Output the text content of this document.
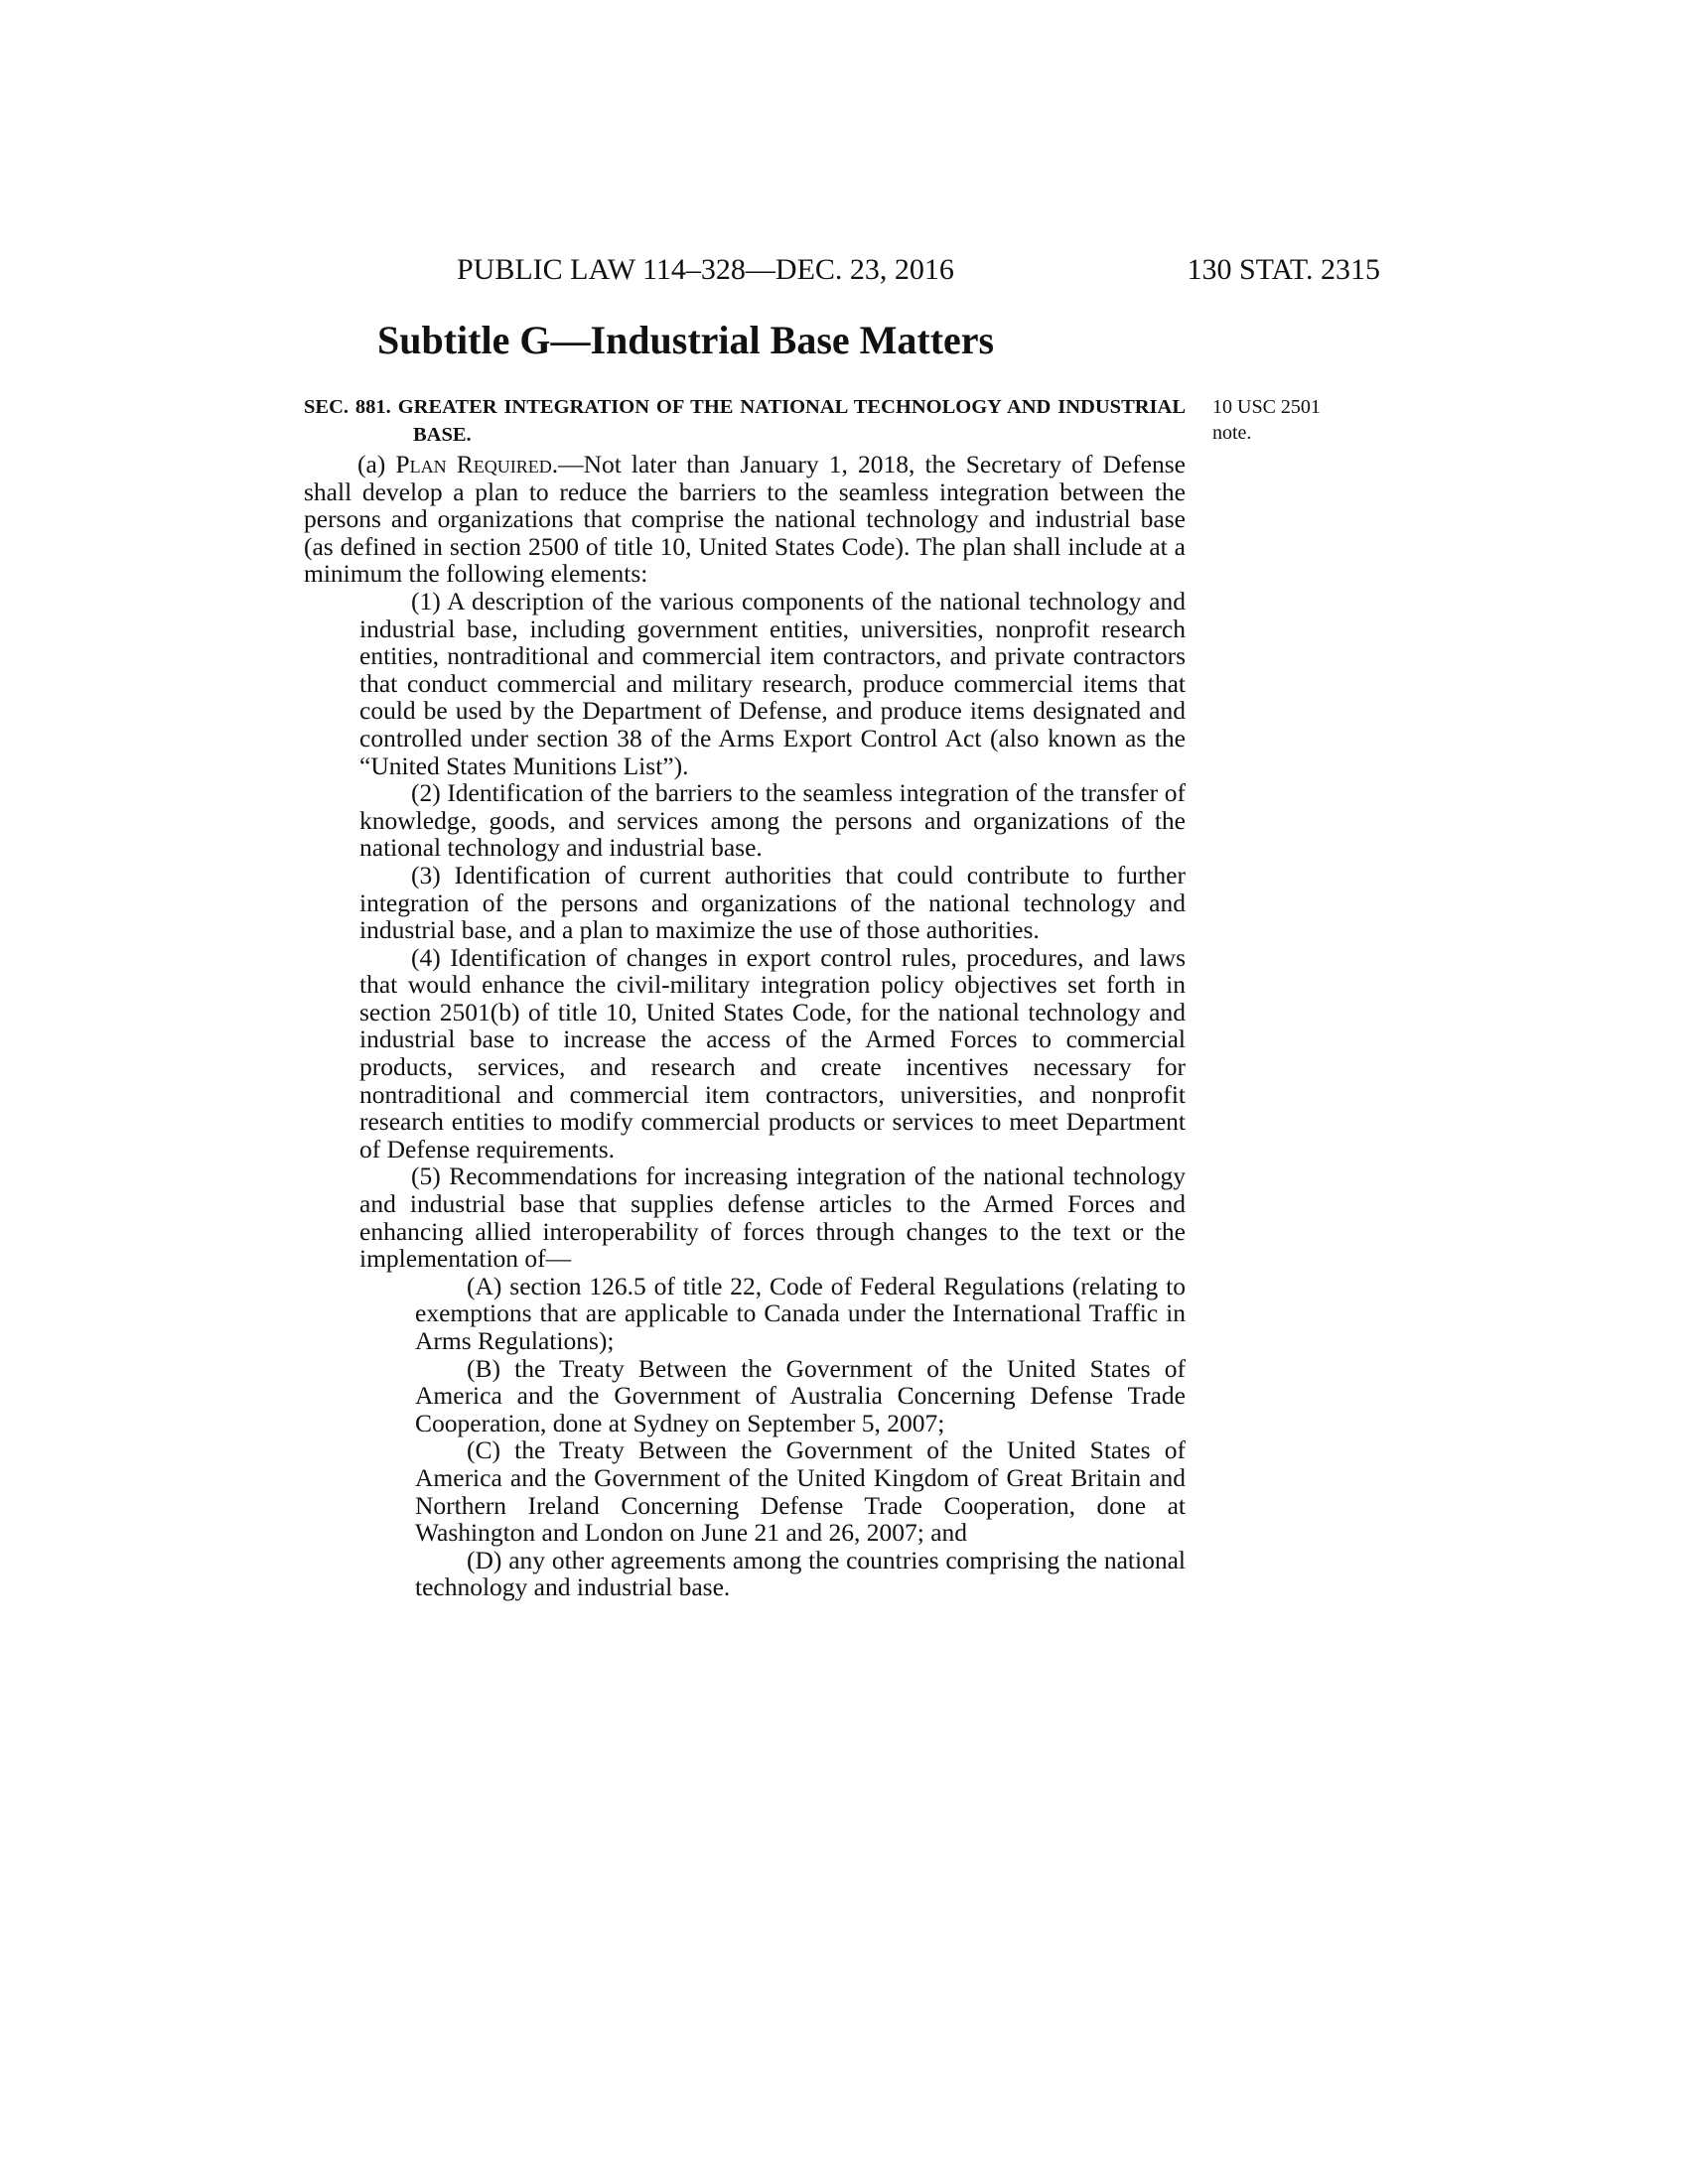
PUBLIC LAW 114–328—DEC. 23, 2016	130 STAT. 2315
Subtitle G—Industrial Base Matters
10 USC 2501
note.

SEC. 881. GREATER INTEGRATION OF THE NATIONAL TECHNOLOGY AND INDUSTRIAL BASE.

(a) Plan Required.—Not later than January 1, 2018, the Secretary of Defense shall develop a plan to reduce the barriers to the seamless integration between the persons and organizations that comprise the national technology and industrial base (as defined in section 2500 of title 10, United States Code). The plan shall include at a minimum the following elements:

(1) A description of the various components of the national technology and industrial base, including government entities, universities, nonprofit research entities, nontraditional and commercial item contractors, and private contractors that conduct commercial and military research, produce commercial items that could be used by the Department of Defense, and produce items designated and controlled under section 38 of the Arms Export Control Act (also known as the “United States Munitions List”).

(2) Identification of the barriers to the seamless integration of the transfer of knowledge, goods, and services among the persons and organizations of the national technology and industrial base.

(3) Identification of current authorities that could contribute to further integration of the persons and organizations of the national technology and industrial base, and a plan to maximize the use of those authorities.

(4) Identification of changes in export control rules, procedures, and laws that would enhance the civil-military integration policy objectives set forth in section 2501(b) of title 10, United States Code, for the national technology and industrial base to increase the access of the Armed Forces to commercial products, services, and research and create incentives necessary for nontraditional and commercial item contractors, universities, and nonprofit research entities to modify commercial products or services to meet Department of Defense requirements.

(5) Recommendations for increasing integration of the national technology and industrial base that supplies defense articles to the Armed Forces and enhancing allied interoperability of forces through changes to the text or the implementation of—

(A) section 126.5 of title 22, Code of Federal Regulations (relating to exemptions that are applicable to Canada under the International Traffic in Arms Regulations);

(B) the Treaty Between the Government of the United States of America and the Government of Australia Concerning Defense Trade Cooperation, done at Sydney on September 5, 2007;

(C) the Treaty Between the Government of the United States of America and the Government of the United Kingdom of Great Britain and Northern Ireland Concerning Defense Trade Cooperation, done at Washington and London on June 21 and 26, 2007; and

(D) any other agreements among the countries comprising the national technology and industrial base.
